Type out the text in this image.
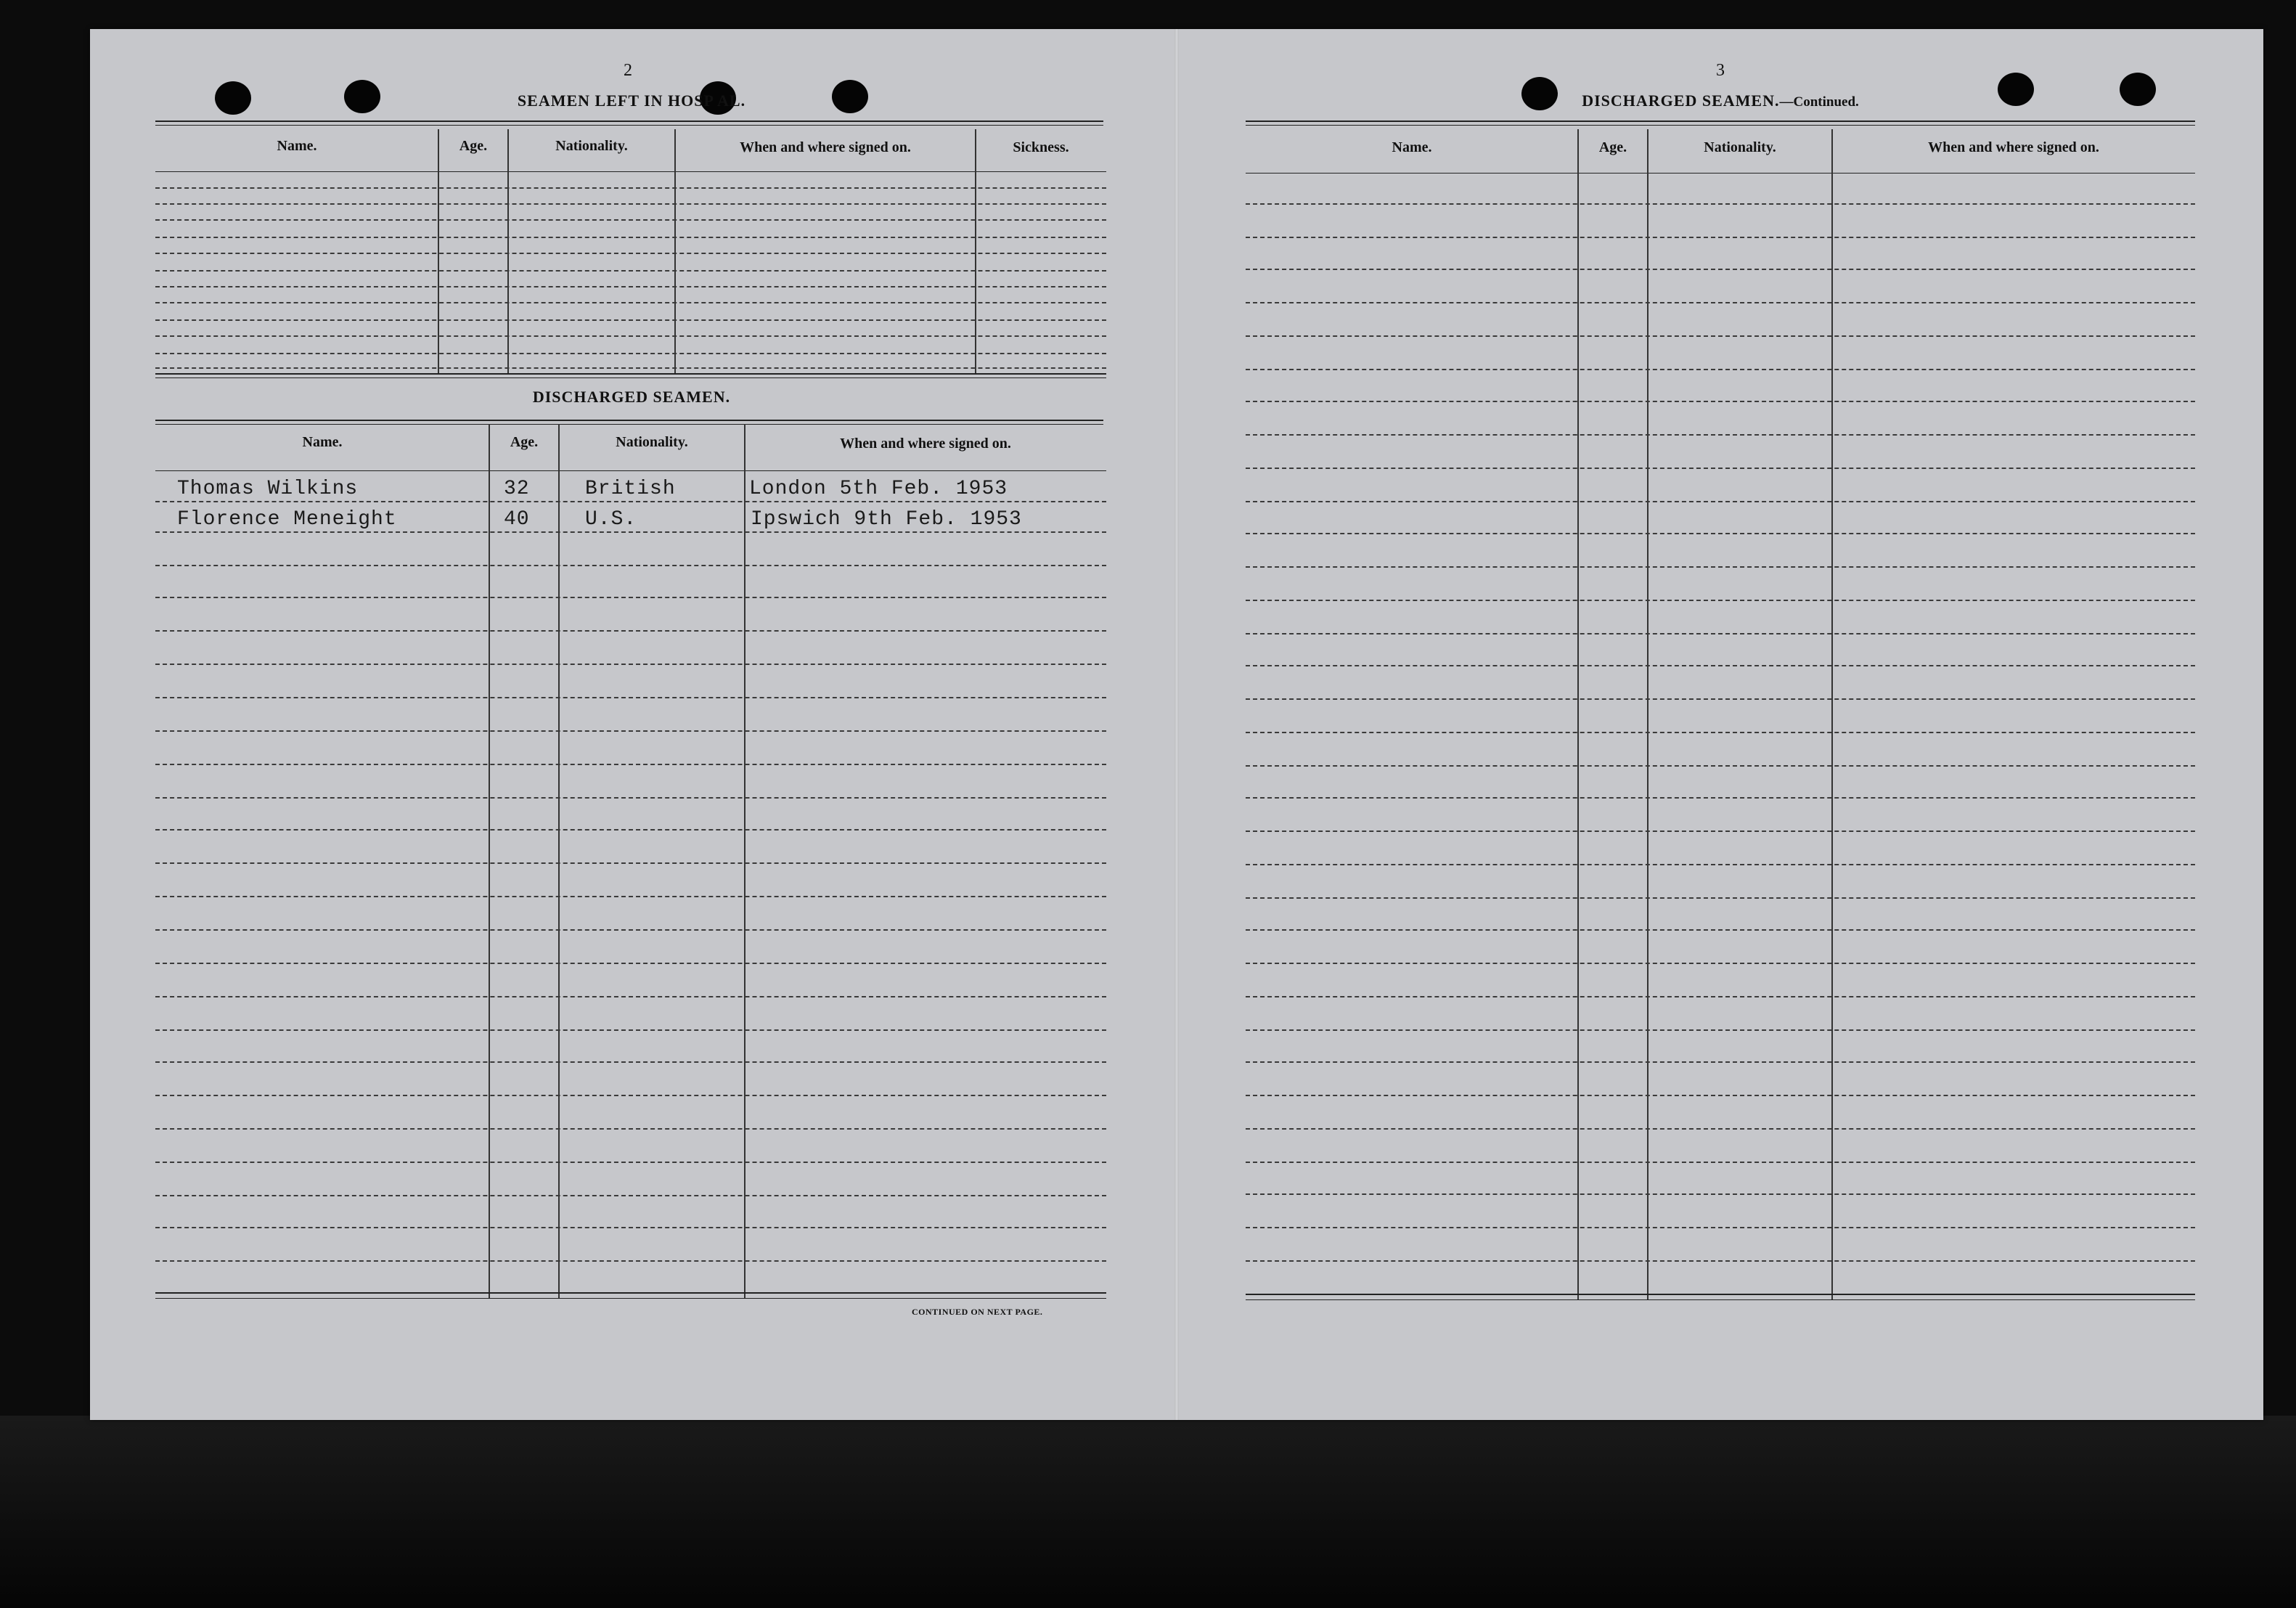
2
SEAMEN LEFT IN HOSP AL.
Name.	Age.	Nationality.	When and where signed on.	Sickness.
DISCHARGED SEAMEN.
Name.	Age.	Nationality.	When and where signed on.
Thomas Wilkins	32	British	London 5th Feb. 1953
Florence Meneight	40	U.S.	Ipswich 9th Feb. 1953
CONTINUED ON NEXT PAGE.
3
DISCHARGED SEAMEN.—Continued.
Name.	Age.	Nationality.	When and where signed on.
